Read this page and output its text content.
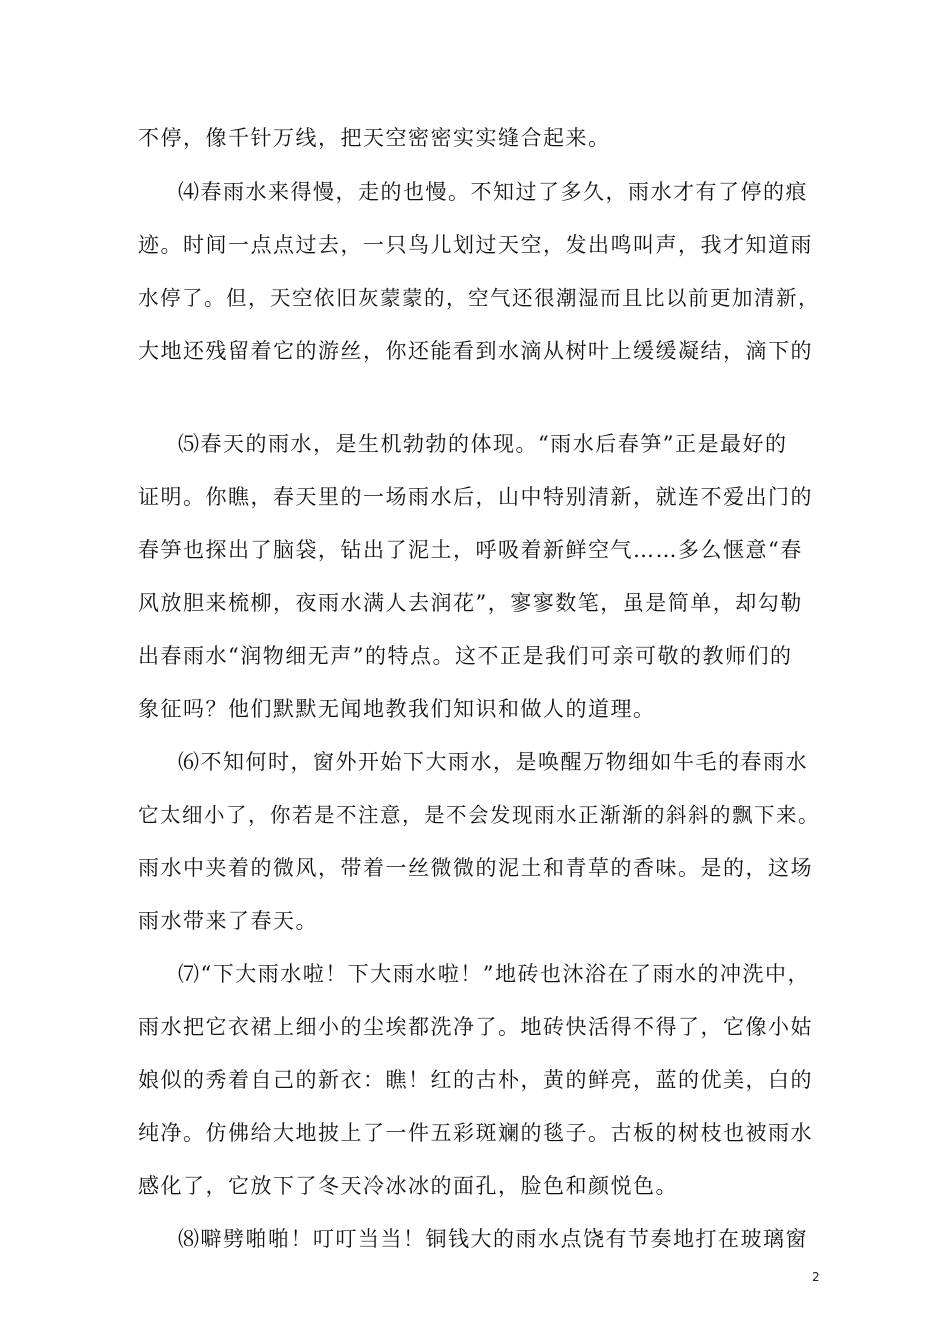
不停，像千针万线，把天空密密实实缝合起来。
⑷春雨水来得慢，走的也慢。不知过了多久，雨水才有了停的痕
迹。时间一点点过去，一只鸟儿划过天空，发出鸣叫声，我才知道雨
水停了。但，天空依旧灰蒙蒙的，空气还很潮湿而且比以前更加清新，
大地还残留着它的游丝，你还能看到水滴从树叶上缓缓凝结，滴下的
⑸春天的雨水，是生机勃勃的体现。“雨水后春笋”正是最好的
证明。你瞧，春天里的一场雨水后，山中特别清新，就连不爱出门的
春笋也探出了脑袋，钻出了泥土，呼吸着新鲜空气……多么惬意“春
风放胆来梳柳，夜雨水满人去润花”，寥寥数笔，虽是简单，却勾勒
出春雨水“润物细无声”的特点。这不正是我们可亲可敬的教师们的
象征吗？他们默默无闻地教我们知识和做人的道理。
⑹不知何时，窗外开始下大雨水，是唤醒万物细如牛毛的春雨水
它太细小了，你若是不注意，是不会发现雨水正渐渐的斜斜的飘下来。
雨水中夹着的微风，带着一丝微微的泥土和青草的香味。是的，这场
雨水带来了春天。
⑺“下大雨水啦！下大雨水啦！”地砖也沐浴在了雨水的冲洗中，
雨水把它衣裙上细小的尘埃都洗净了。地砖快活得不得了，它像小姑
娘似的秀着自己的新衣：瞧！红的古朴，黄的鲜亮，蓝的优美，白的
纯净。仿佛给大地披上了一件五彩斑斓的毯子。古板的树枝也被雨水
感化了，它放下了冬天冷冰冰的面孔，脸色和颜悦色。
⑻噼劈啪啪！叮叮当当！铜钱大的雨水点饶有节奏地打在玻璃窗
2
